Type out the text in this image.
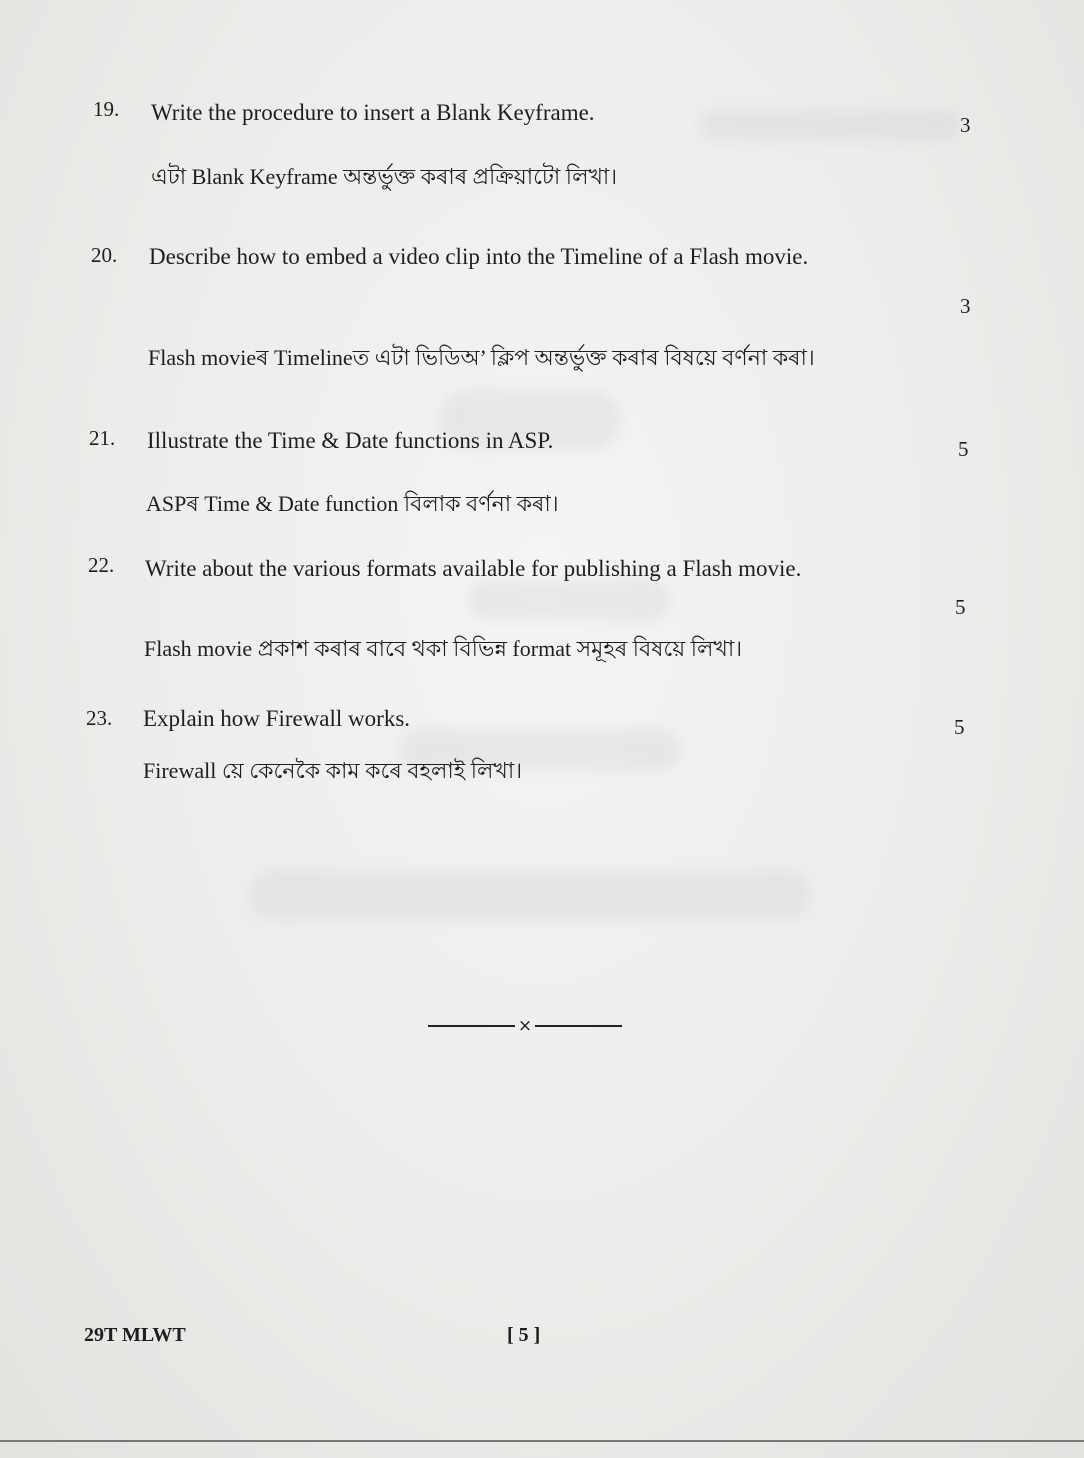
19. Write the procedure to insert a Blank Keyframe.	3
এটা Blank Keyframe অন্তৰ্ভুক্ত কৰাৰ প্ৰক্ৰিয়াটো লিখা।
20. Describe how to embed a video clip into the Timeline of a Flash movie.
3
Flash movieৰ Timelineত এটা ভিডিঅ’ ক্লিপ অন্তৰ্ভুক্ত কৰাৰ বিষয়ে বৰ্ণনা কৰা।
21. Illustrate the Time & Date functions in ASP.	5
ASPৰ Time & Date function বিলাক বৰ্ণনা কৰা।
22. Write about the various formats available for publishing a Flash movie.
5
Flash movie প্ৰকাশ কৰাৰ বাবে থকা বিভিন্ন format সমূহৰ বিষয়ে লিখা।
23. Explain how Firewall works.	5
Firewall য়ে কেনেকৈ কাম কৰে বহলাই লিখা।
×
29T MLWT	[ 5 ]
